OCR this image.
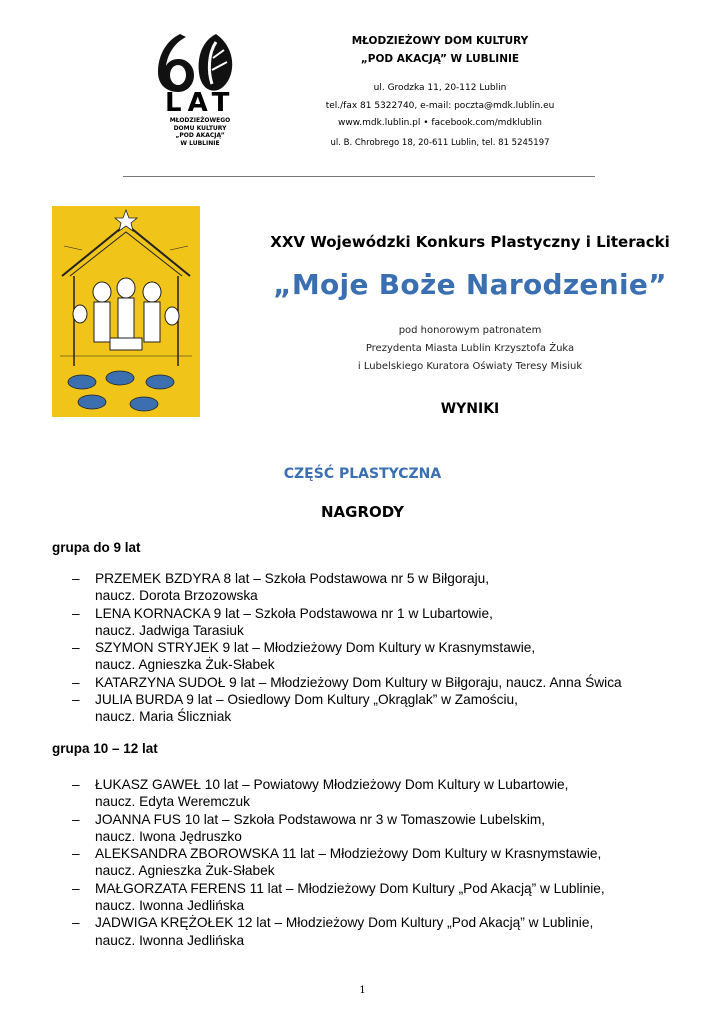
LAT
MŁODZIEŻOWEGO
DOMU KULTURY
„POD AKACJĄ”
W LUBLINIE
MŁODZIEŻOWY DOM KULTURY
„POD AKACJĄ” W LUBLINIE
ul. Grodzka 11, 20-112 Lublin
tel./fax 81 5322740, e-mail: poczta@mdk.lublin.eu
www.mdk.lublin.pl • facebook.com/mdklublin
ul. B. Chrobrego 18, 20-611 Lublin, tel. 81 5245197
XXV Wojewódzki Konkurs Plastyczny i Literacki
„Moje Boże Narodzenie”
pod honorowym patronatem
Prezydenta Miasta Lublin Krzysztofa Żuka
i Lubelskiego Kuratora Oświaty Teresy Misiuk
WYNIKI
CZĘŚĆ PLASTYCZNA
NAGRODY
grupa do 9 lat
– PRZEMEK BZDYRA 8 lat – Szkoła Podstawowa nr 5 w Biłgoraju,
naucz. Dorota Brzozowska
– LENA KORNACKA 9 lat – Szkoła Podstawowa nr 1 w Lubartowie,
naucz. Jadwiga Tarasiuk
– SZYMON STRYJEK 9 lat – Młodzieżowy Dom Kultury w Krasnymstawie,
naucz. Agnieszka Żuk-Słabek
– KATARZYNA SUDOŁ 9 lat – Młodzieżowy Dom Kultury w Biłgoraju, naucz. Anna Świca
– JULIA BURDA 9 lat – Osiedlowy Dom Kultury „Okrąglak” w Zamościu,
naucz. Maria Śliczniak
grupa 10 – 12 lat
– ŁUKASZ GAWEŁ 10 lat – Powiatowy Młodzieżowy Dom Kultury w Lubartowie,
naucz. Edyta Weremczuk
– JOANNA FUS 10 lat – Szkoła Podstawowa nr 3 w Tomaszowie Lubelskim,
naucz. Iwona Jędruszko
– ALEKSANDRA ZBOROWSKA 11 lat – Młodzieżowy Dom Kultury w Krasnymstawie,
naucz. Agnieszka Żuk-Słabek
– MAŁGORZATA FERENS 11 lat – Młodzieżowy Dom Kultury „Pod Akacją” w Lublinie,
naucz. Iwonna Jedlińska
– JADWIGA KRĘŻOŁEK 12 lat – Młodzieżowy Dom Kultury „Pod Akacją” w Lublinie,
naucz. Iwonna Jedlińska
1
